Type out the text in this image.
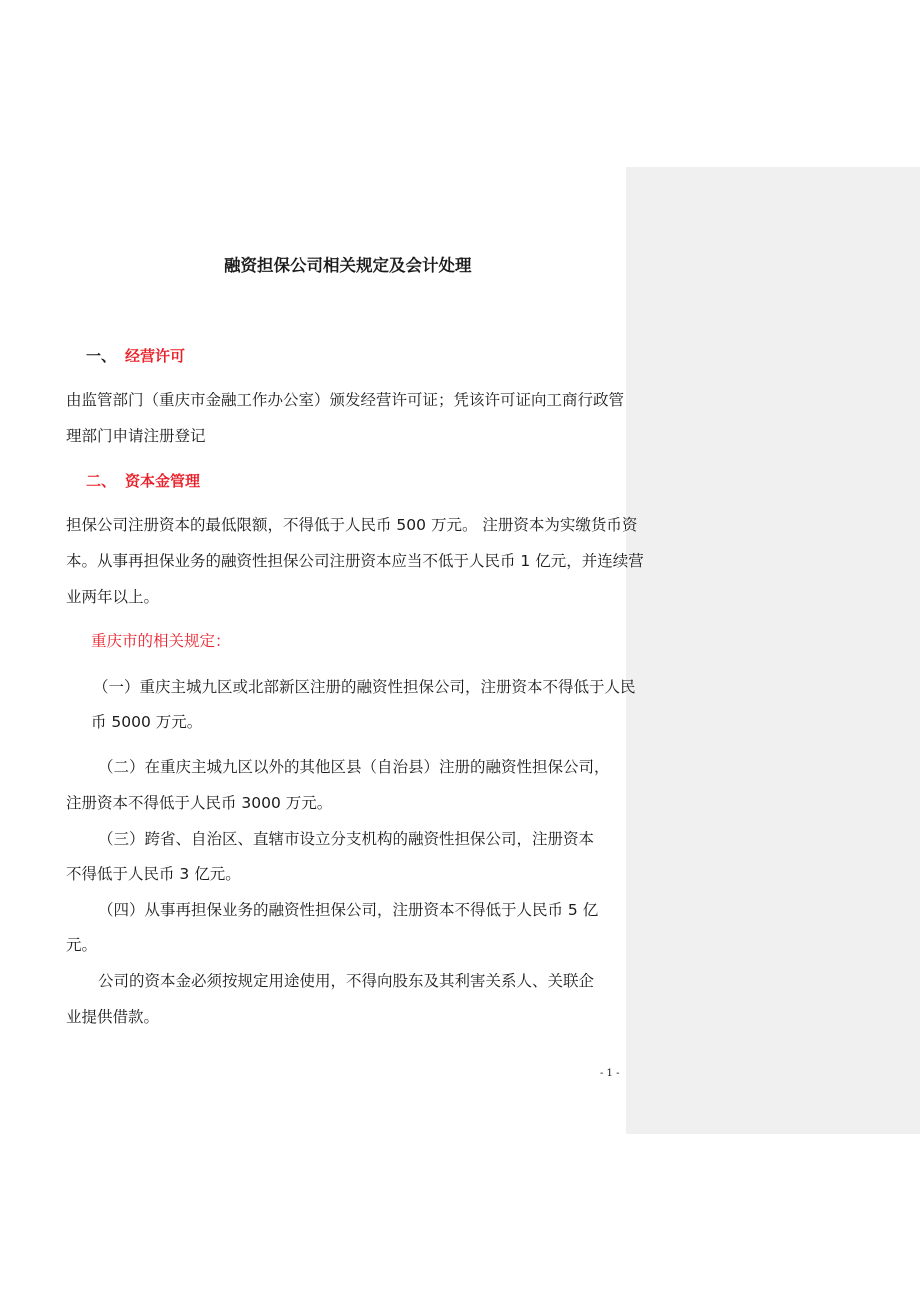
融资担保公司相关规定及会计处理
一、 经营许可
由监管部门（重庆市金融工作办公室）颁发经营许可证；凭该许可证向工商行政管
理部门申请注册登记
二、 资本金管理
担保公司注册资本的最低限额，不得低于人民币 500 万元。 注册资本为实缴货币资
本。从事再担保业务的融资性担保公司注册资本应当不低于人民币 1 亿元，并连续营
业两年以上。
重庆市的相关规定：
（一）重庆主城九区或北部新区注册的融资性担保公司，注册资本不得低于人民
币 5000 万元。
（二）在重庆主城九区以外的其他区县（自治县）注册的融资性担保公司，
注册资本不得低于人民币 3000 万元。
（三）跨省、自治区、直辖市设立分支机构的融资性担保公司，注册资本
不得低于人民币 3 亿元。
（四）从事再担保业务的融资性担保公司，注册资本不得低于人民币 5 亿
元。
公司的资本金必须按规定用途使用，不得向股东及其利害关系人、关联企
业提供借款。
- 1 -
